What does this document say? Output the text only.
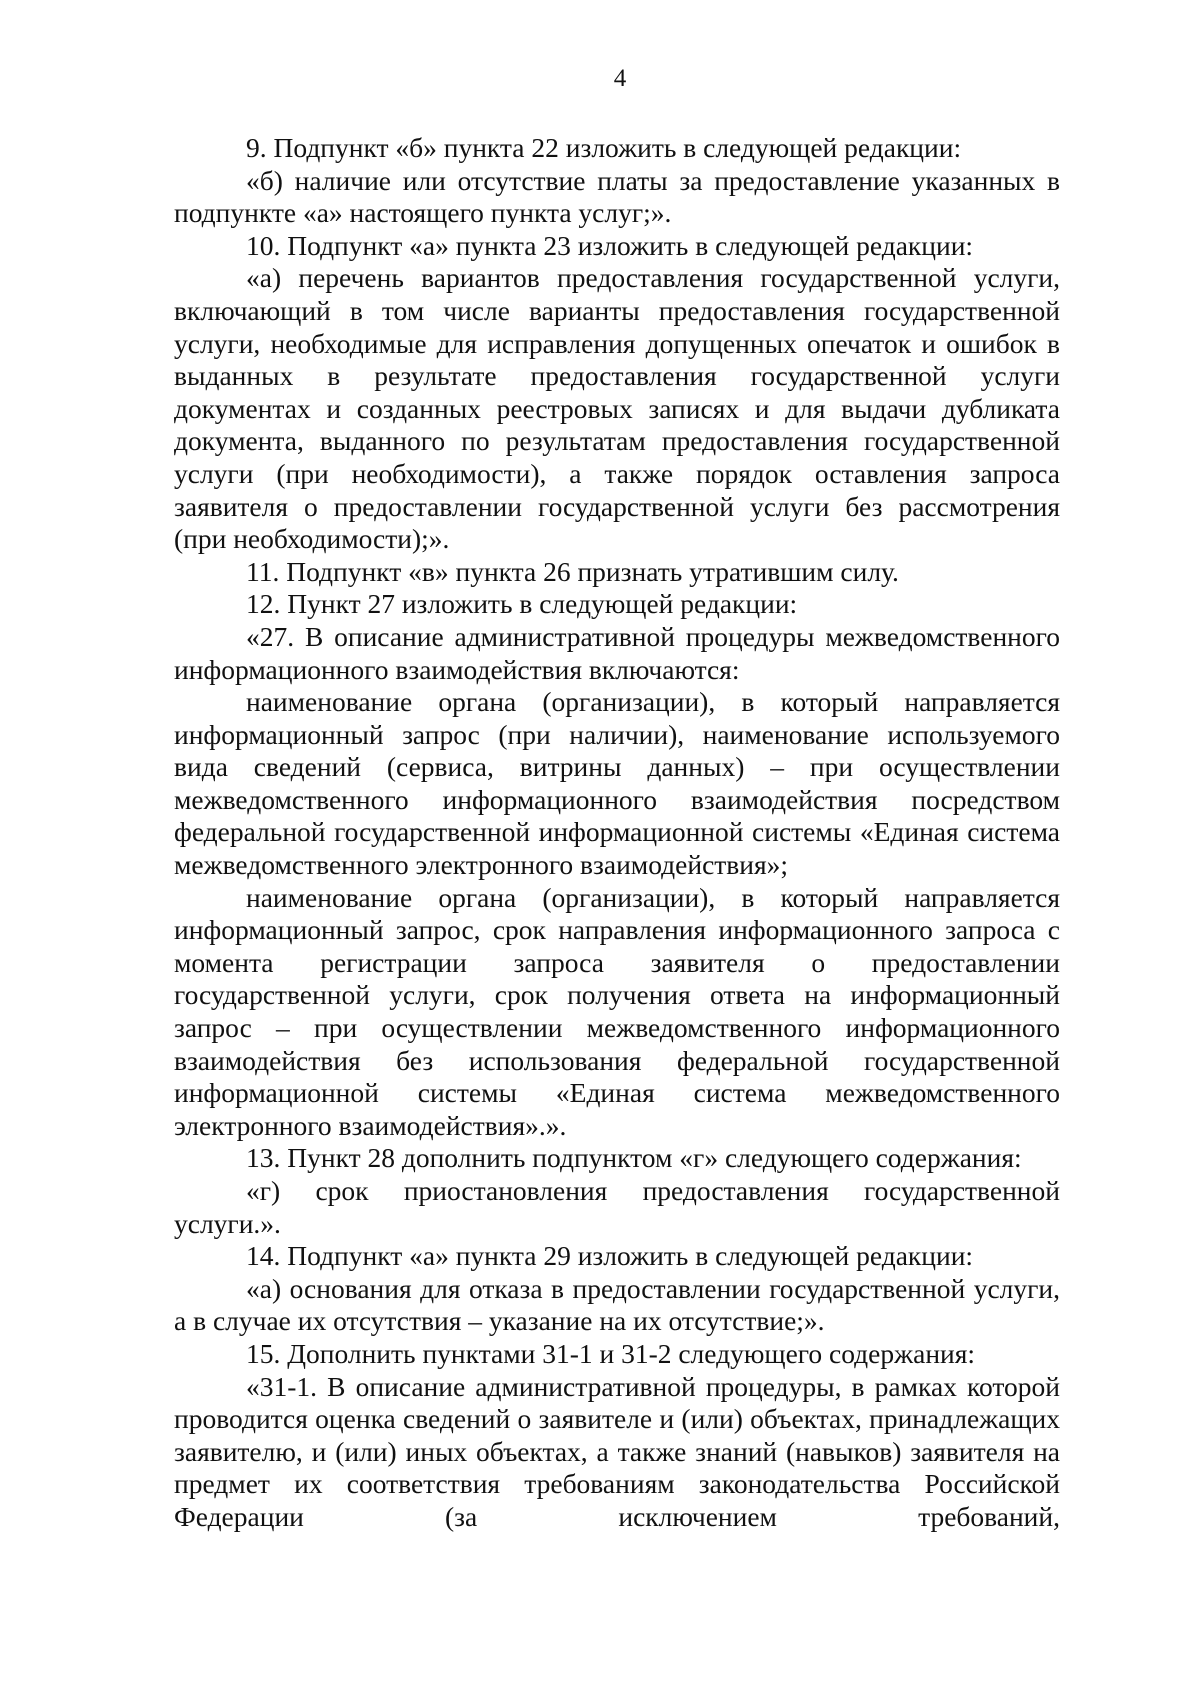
4

9. Подпункт «б» пункта 22 изложить в следующей редакции:

«б) наличие или отсутствие платы за предоставление указанных в подпункте «а» настоящего пункта услуг;».

10. Подпункт «а» пункта 23 изложить в следующей редакции:

«а) перечень вариантов предоставления государственной услуги, включающий в том числе варианты предоставления государственной услуги, необходимые для исправления допущенных опечаток и ошибок в выданных в результате предоставления государственной услуги документах и созданных реестровых записях и для выдачи дубликата документа, выданного по результатам предоставления государственной услуги (при необходимости), а также порядок оставления запроса заявителя о предоставлении государственной услуги без рассмотрения (при необходимости);».

11. Подпункт «в» пункта 26 признать утратившим силу.

12. Пункт 27 изложить в следующей редакции:

«27. В описание административной процедуры межведомственного информационного взаимодействия включаются:

наименование органа (организации), в который направляется информационный запрос (при наличии), наименование используемого вида сведений (сервиса, витрины данных) – при осуществлении межведомственного информационного взаимодействия посредством федеральной государственной информационной системы «Единая система межведомственного электронного взаимодействия»;

наименование органа (организации), в который направляется информационный запрос, срок направления информационного запроса с момента регистрации запроса заявителя о предоставлении государственной услуги, срок получения ответа на информационный запрос – при осуществлении межведомственного информационного взаимодействия без использования федеральной государственной информационной системы «Единая система межведомственного электронного взаимодействия».».

13. Пункт 28 дополнить подпунктом «г» следующего содержания:

«г) срок приостановления предоставления государственной услуги.».

14. Подпункт «а» пункта 29 изложить в следующей редакции:

«а) основания для отказа в предоставлении государственной услуги, а в случае их отсутствия – указание на их отсутствие;».

15. Дополнить пунктами 31-1 и 31-2 следующего содержания:

«31-1. В описание административной процедуры, в рамках которой проводится оценка сведений о заявителе и (или) объектах, принадлежащих заявителю, и (или) иных объектах, а также знаний (навыков) заявителя на предмет их соответствия требованиям законодательства Российской Федерации (за исключением требований,
